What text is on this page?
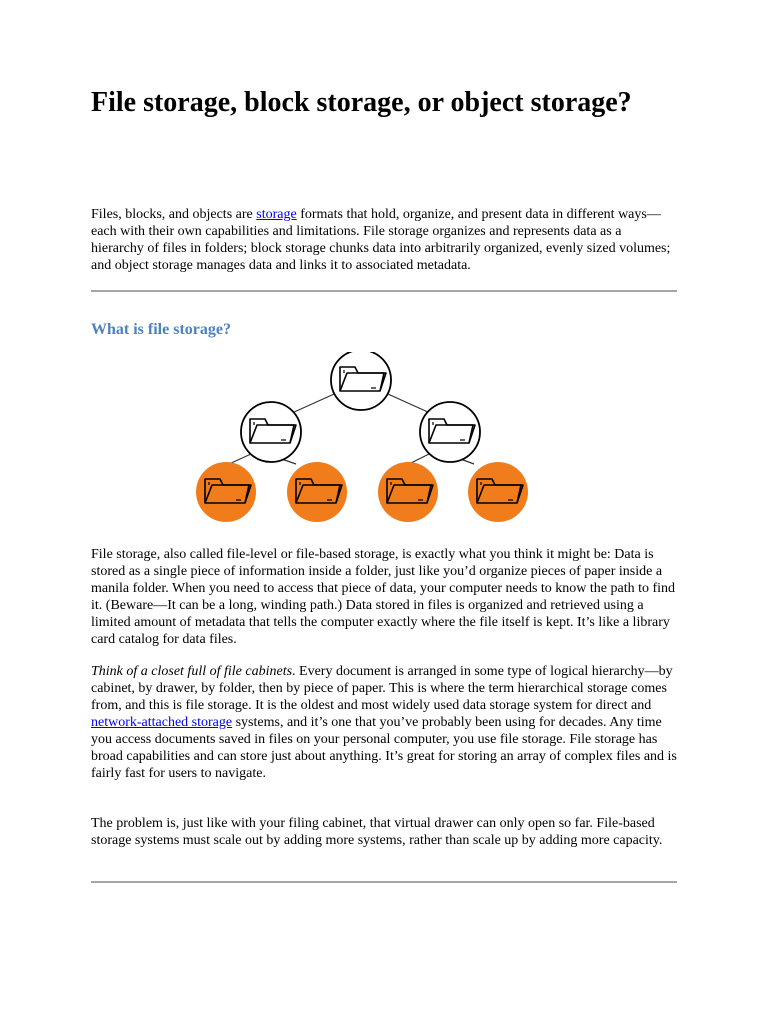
File storage, block storage, or object storage?

Files, blocks, and objects are storage formats that hold, organize, and present data in different ways—each with their own capabilities and limitations. File storage organizes and represents data as a hierarchy of files in folders; block storage chunks data into arbitrarily organized, evenly sized volumes; and object storage manages data and links it to associated metadata.

What is file storage?

File storage, also called file-level or file-based storage, is exactly what you think it might be: Data is stored as a single piece of information inside a folder, just like you’d organize pieces of paper inside a manila folder. When you need to access that piece of data, your computer needs to know the path to find it. (Beware—It can be a long, winding path.) Data stored in files is organized and retrieved using a limited amount of metadata that tells the computer exactly where the file itself is kept. It’s like a library card catalog for data files.

Think of a closet full of file cabinets. Every document is arranged in some type of logical hierarchy—by cabinet, by drawer, by folder, then by piece of paper. This is where the term hierarchical storage comes from, and this is file storage. It is the oldest and most widely used data storage system for direct and network-attached storage systems, and it’s one that you’ve probably been using for decades. Any time you access documents saved in files on your personal computer, you use file storage. File storage has broad capabilities and can store just about anything. It’s great for storing an array of complex files and is fairly fast for users to navigate.

The problem is, just like with your filing cabinet, that virtual drawer can only open so far. File-based storage systems must scale out by adding more systems, rather than scale up by adding more capacity.
